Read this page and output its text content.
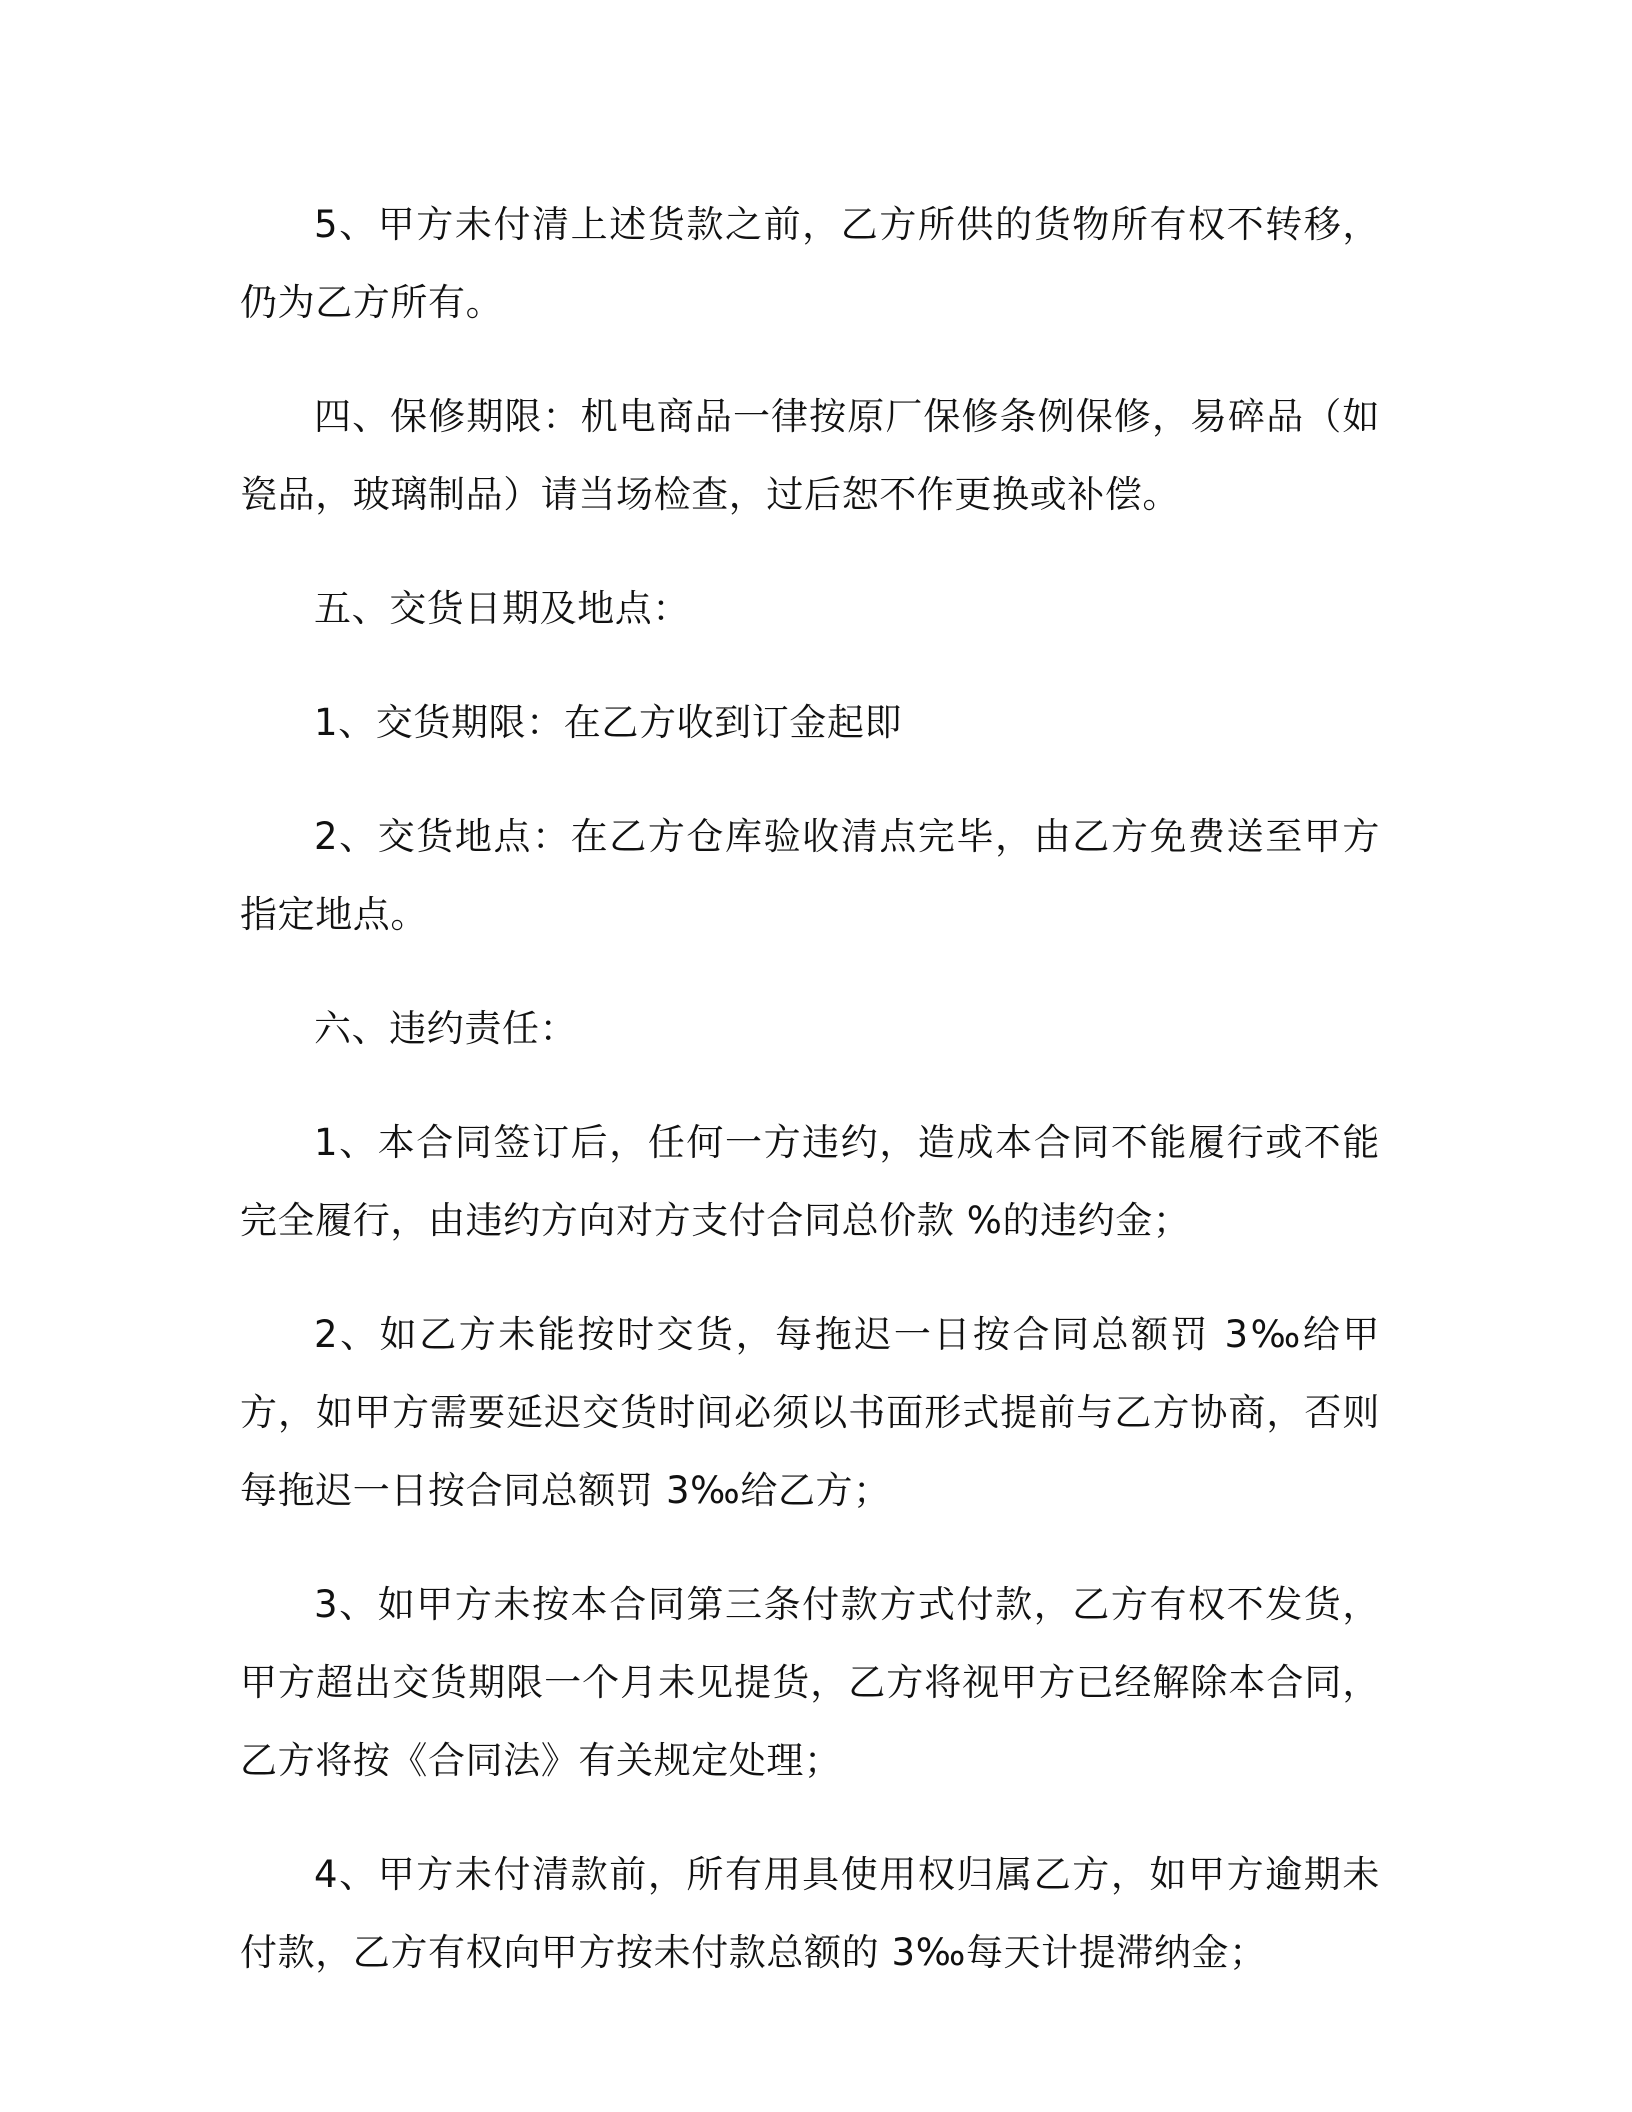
5、甲方未付清上述货款之前，乙方所供的货物所有权不转移，仍为乙方所有。

四、保修期限：机电商品一律按原厂保修条例保修，易碎品（如瓷品，玻璃制品）请当场检查，过后恕不作更换或补偿。

五、交货日期及地点：

1、交货期限：在乙方收到订金起即

2、交货地点：在乙方仓库验收清点完毕，由乙方免费送至甲方指定地点。

六、违约责任：

1、本合同签订后，任何一方违约，造成本合同不能履行或不能完全履行，由违约方向对方支付合同总价款 %的违约金；

2、如乙方未能按时交货，每拖迟一日按合同总额罚 3‰给甲方，如甲方需要延迟交货时间必须以书面形式提前与乙方协商，否则每拖迟一日按合同总额罚 3‰给乙方；

3、如甲方未按本合同第三条付款方式付款，乙方有权不发货，甲方超出交货期限一个月未见提货，乙方将视甲方已经解除本合同，乙方将按《合同法》有关规定处理；

4、甲方未付清款前，所有用具使用权归属乙方，如甲方逾期未付款，乙方有权向甲方按未付款总额的 3‰每天计提滞纳金；
